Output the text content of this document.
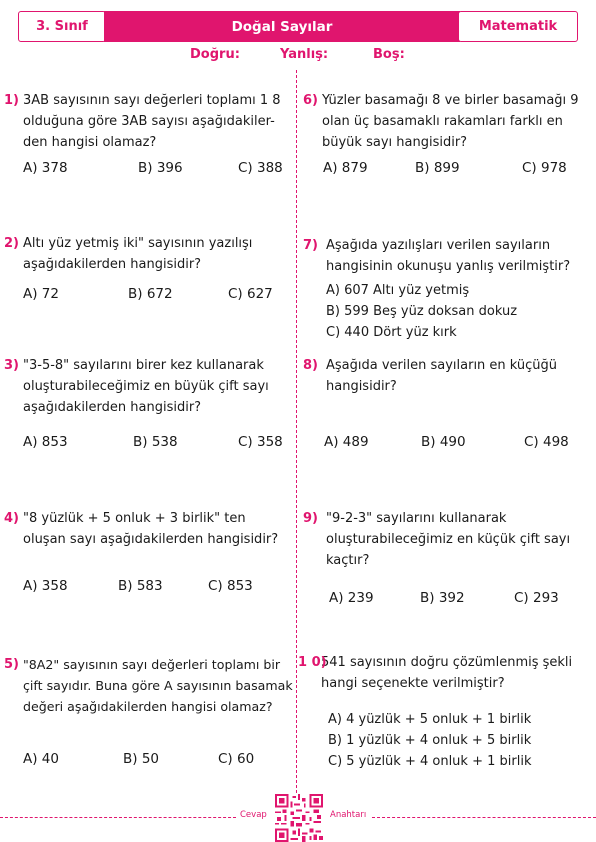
3. Sınıf	Doğal Sayılar	Matematik
Doğru:	Yanlış:	Boş:
1) 3AB sayısının sayı değerleri toplamı 1 8
olduğuna göre 3AB sayısı aşağıdakiler-
den hangisi olamaz?
A) 378	B) 396	C) 388
2) Altı yüz yetmiş iki" sayısının yazılışı
aşağıdakilerden hangisidir?
A) 72	B) 672	C) 627
3) "3-5-8" sayılarını birer kez kullanarak
oluşturabileceğimiz en büyük çift sayı
aşağıdakilerden hangisidir?
A) 853	B) 538	C) 358
4) "8 yüzlük + 5 onluk + 3 birlik" ten
oluşan sayı aşağıdakilerden hangisidir?
A) 358	B) 583	C) 853
5) "8A2" sayısının sayı değerleri toplamı bir
çift sayıdır. Buna göre A sayısının basamak
değeri aşağıdakilerden hangisi olamaz?
A) 40	B) 50	C) 60
6) Yüzler basamağı 8 ve birler basamağı 9
olan üç basamaklı rakamları farklı en
büyük sayı hangisidir?
A) 879	B) 899	C) 978
7) Aşağıda yazılışları verilen sayıların
hangisinin okunuşu yanlış verilmiştir?
A) 607 Altı yüz yetmiş
B) 599 Beş yüz doksan dokuz
C) 440 Dört yüz kırk
8) Aşağıda verilen sayıların en küçüğü
hangisidir?
A) 489	B) 490	C) 498
9) "9-2-3" sayılarını kullanarak
oluşturabileceğimiz en küçük çift sayı
kaçtır?
A) 239	B) 392	C) 293
1 0)
541 sayısının doğru çözümlenmiş şekli
hangi seçenekte verilmiştir?
A) 4 yüzlük + 5 onluk + 1 birlik
B) 1 yüzlük + 4 onluk + 5 birlik
C) 5 yüzlük + 4 onluk + 1 birlik
Cevap	Anahtarı
